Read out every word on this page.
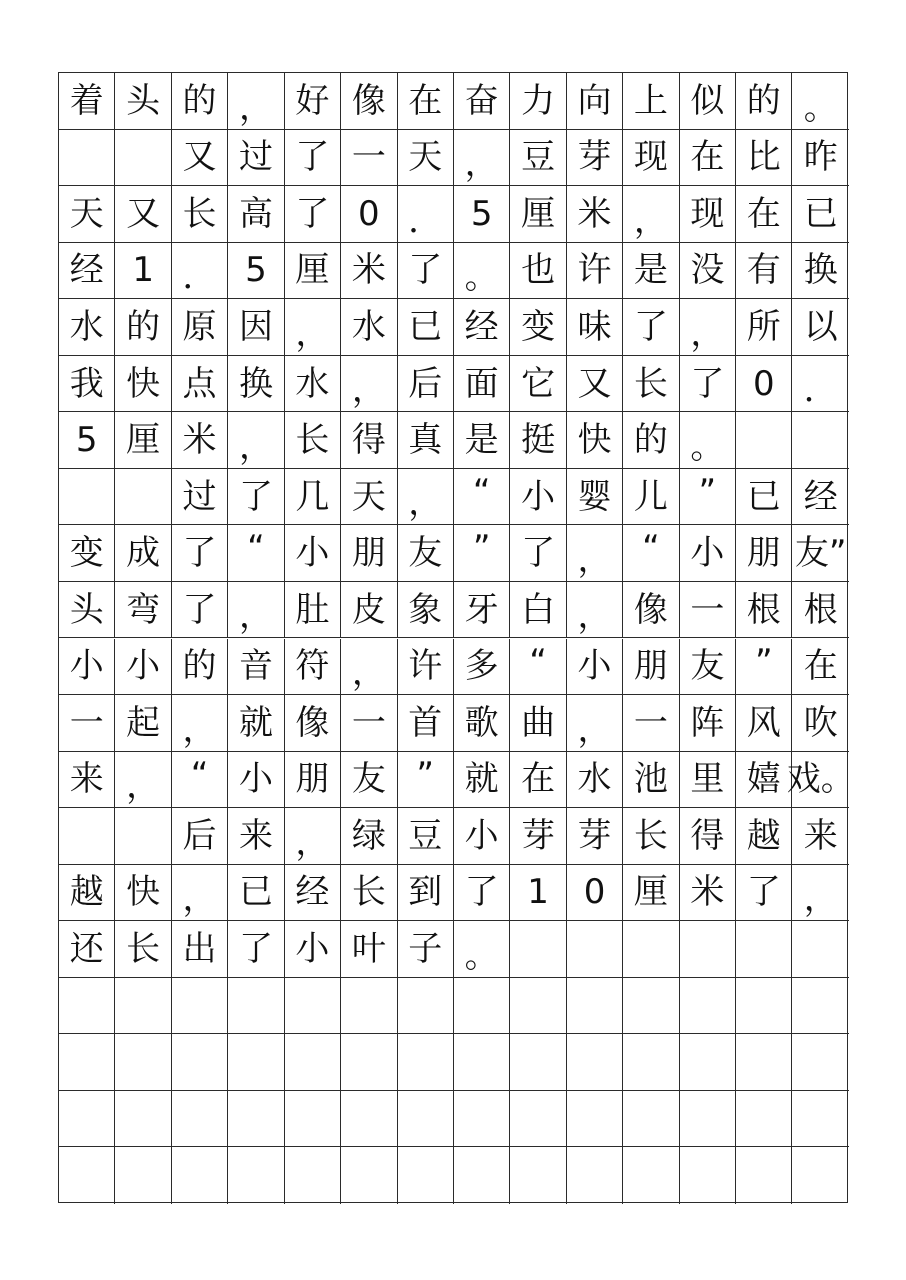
着 头 的 ， 好 像 在 奋 力 向 上 似 的 。
又 过 了 一 天 ， 豆 芽 现 在 比 昨
天 又 长 高 了 0 ． 5 厘 米 ， 现 在 已
经 1 ． 5 厘 米 了 。 也 许 是 没 有 换
水 的 原 因 ， 水 已 经 变 味 了 ， 所 以
我 快 点 换 水 ， 后 面 它 又 长 了 0 ．
5 厘 米 ， 长 得 真 是 挺 快 的 。
过 了 几 天 ， “ 小 婴 儿 ” 已 经
变 成 了 “ 小 朋 友 ” 了 ， “ 小 朋 友”
头 弯 了 ， 肚 皮 象 牙 白 ， 像 一 根 根
小 小 的 音 符 ， 许 多 “ 小 朋 友 ” 在
一 起 ， 就 像 一 首 歌 曲 ， 一 阵 风 吹
来 ， “ 小 朋 友 ” 就 在 水 池 里 嬉 戏。
后 来 ， 绿 豆 小 芽 芽 长 得 越 来
越 快 ， 已 经 长 到 了 1	0 厘 米 了 ，
还 长 出 了 小 叶 子 。
